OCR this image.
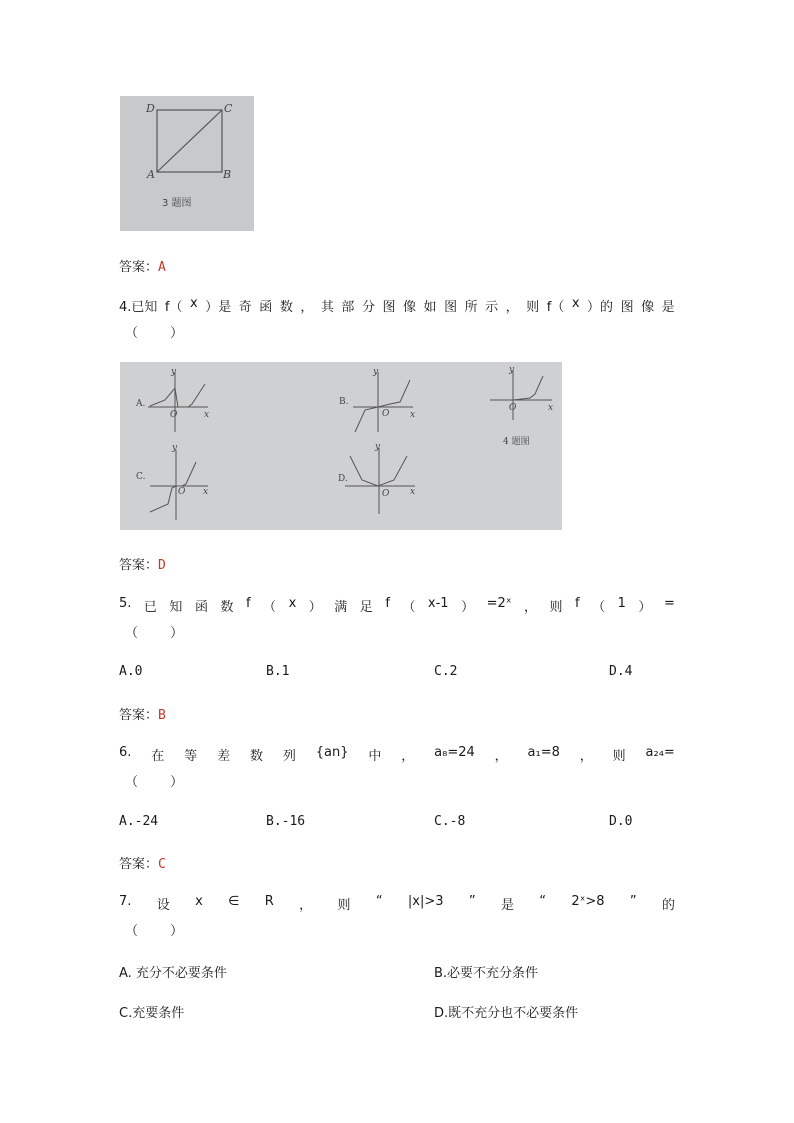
D	C
A	B
3 题图
答案：A
4.已知 f（ x ）是 奇 函 数 ， 其 部 分 图 像 如 图 所 示 ， 则 f（ x ）的 图 像 是
（ ）
A.
y
x
O
B.
y
x
O
y
x
O
4 题图
C.
y
x
O
D.
y
x
O
答案：D
5. 已 知 函 数 f （ x ） 满 足 f （ x-1 ） =2ˣ ， 则 f （ 1 ） =
（ ）
A.0	B.1	C.2	D.4
答案：B
6. 在 等 差 数 列 {an} 中 ， a₈=24 ， a₁=8 ， 则 a₂₄=
（ ）
A.-24	B.-16	C.-8	D.0
答案：C
7. 设 x ∈ R ， 则 “ |x|>3 ” 是 “ 2ˣ>8 ” 的
（ ）
A. 充分不必要条件	B.必要不充分条件
C.充要条件	D.既不充分也不必要条件
